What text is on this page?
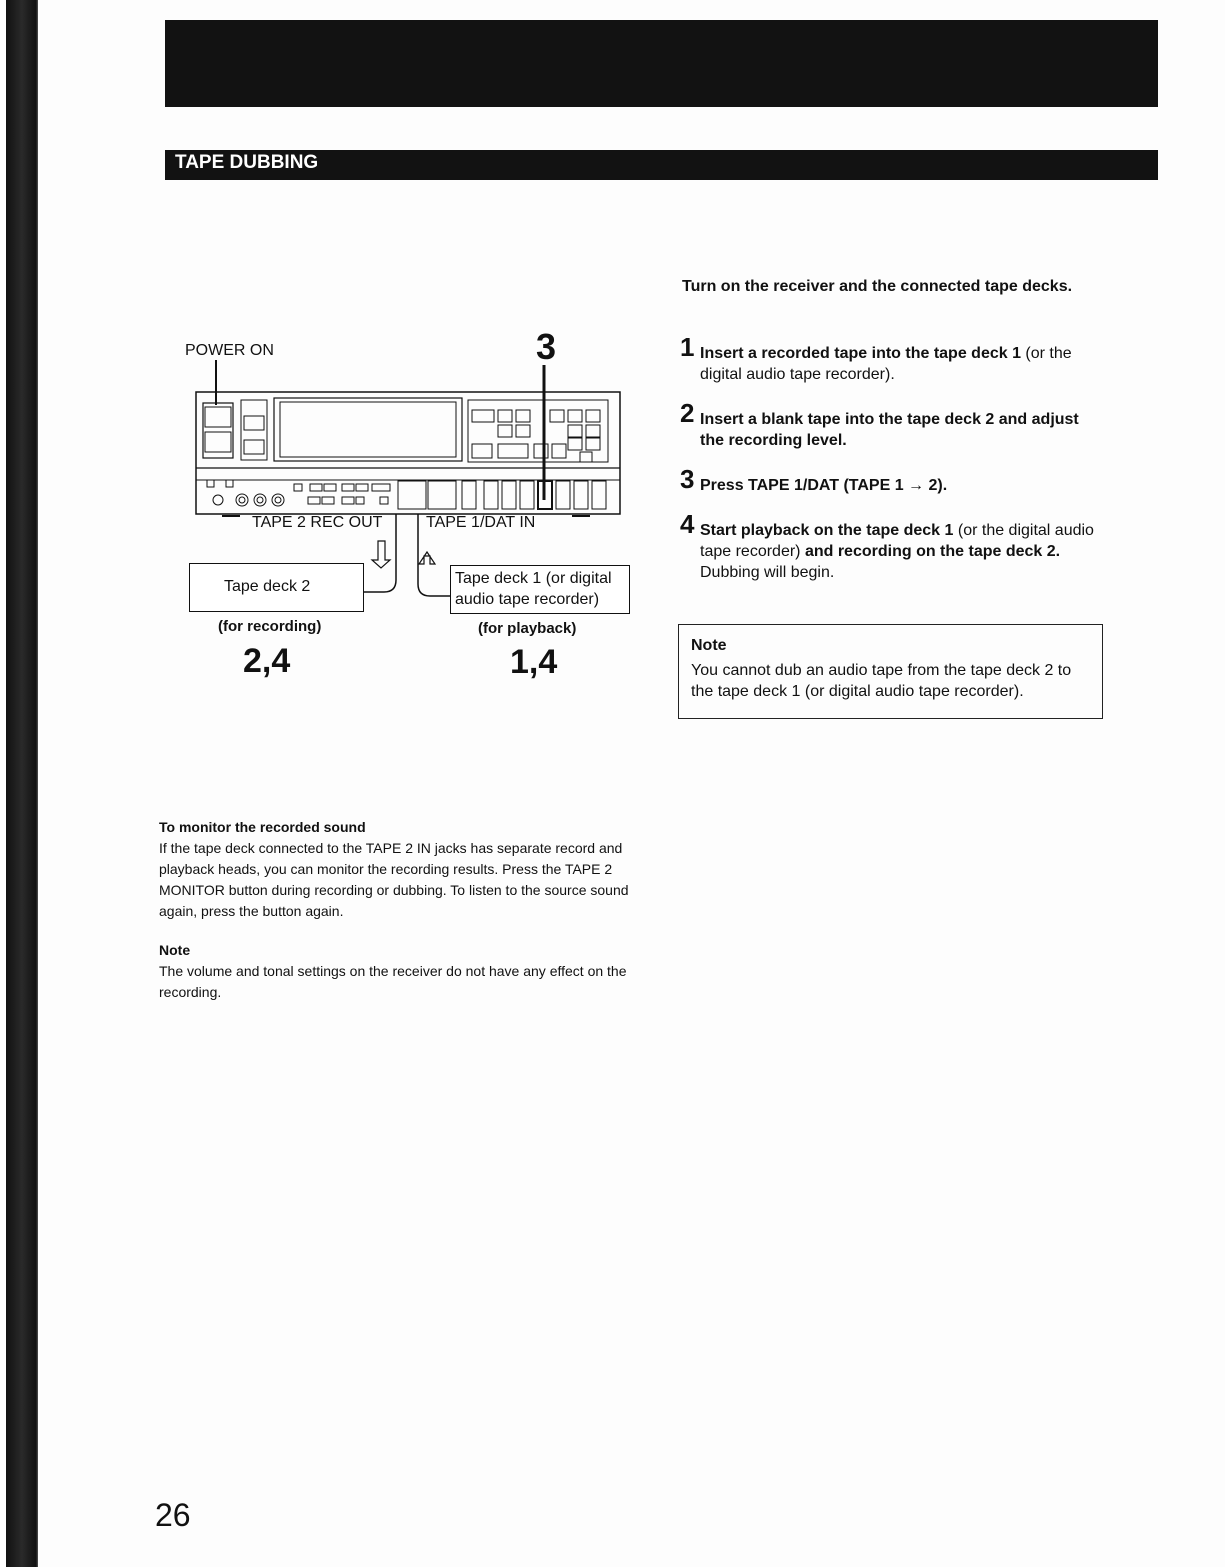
TAPE DUBBING
POWER ON	3
TAPE 2 REC OUT	TAPE 1/DAT IN
Tape deck 2	Tape deck 1 (or digital
audio tape recorder)
(for recording)	(for playback)
2,4	1,4
Turn on the receiver and the connected tape decks.
1 Insert a recorded tape into the tape deck 1 (or the digital audio tape recorder).
2 Insert a blank tape into the tape deck 2 and adjust the recording level.
3 Press TAPE 1/DAT (TAPE 1 → 2).
4 Start playback on the tape deck 1 (or the digital audio tape recorder) and recording on the tape deck 2.
Dubbing will begin.
Note
You cannot dub an audio tape from the tape deck 2 to the tape deck 1 (or digital audio tape recorder).
To monitor the recorded sound
If the tape deck connected to the TAPE 2 IN jacks has separate record and playback heads, you can monitor the recording results. Press the TAPE 2 MONITOR button during recording or dubbing. To listen to the source sound again, press the button again.
Note
The volume and tonal settings on the receiver do not have any effect on the recording.
26
